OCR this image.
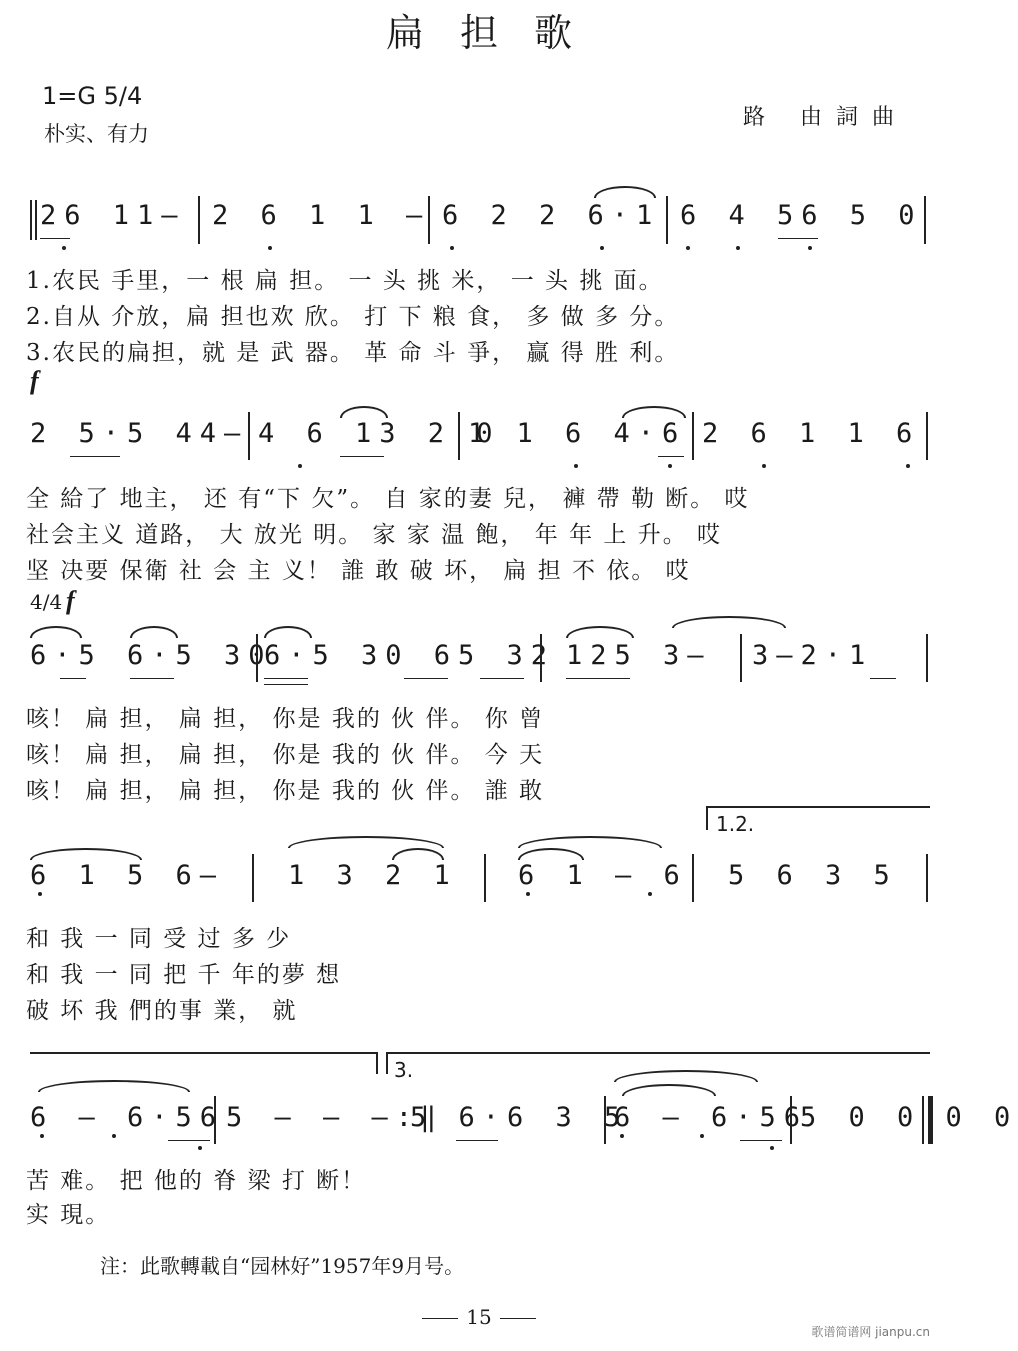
扁担歌
1=G 5/4
朴实、有力
路 由詞曲
26 11— 2 6 1 1 — 6 2 2 6·1 6 4 56 5 0
1.农民 手里，一 根 扁 担。 一 头 挑 米， 一 头 挑 面。
2.自从 介放，扁 担也欢 欣。 打 下 粮 食， 多 做 多 分。
3.农民的扁担，就 是 武 器。 革 命 斗 爭， 赢 得 胜 利。
f
2 5·5 44— 4 6 13 2 0
1 1 6 4·6 2 6 1 1 6
全 給了 地主， 还 有“下 欠”。 自 家的妻 兒， 褲 帶 勒 断。 哎
社会主义 道路， 大 放光 明。 家 家 温 飽， 年 年 上 升。 哎
坚 决要 保衛 社 会 主 义！ 誰 敢 破 坏， 扁 担 不 依。 哎
4/4 f
6·5 6·5 30
6·5 30 65 32 125 3— 3—2·1
咳！ 扁 担， 扁 担， 你是 我的 伙 伴。 你 曾
咳！ 扁 担， 扁 担， 你是 我的 伙 伴。 今 天
咳！ 扁 担， 扁 担， 你是 我的 伙 伴。 誰 敢
1.2.
6 1 5 6— 1 3 2 1 6 1 — 6 5 6 3 5
和 我 一 同 受 过 多 少
和 我 一 同 把 千 年的夢 想
破 坏 我 們的事 業， 就
3.
6 — 6·56 5 — — —:‖
5 6·6 3 5
6 — 6·56
5 0 0 0 0
苦 难。 把 他的 脊 梁 打 断！
实 現。
注：此歌轉載自“园林好”1957年9月号。
15
歌谱简谱网 jianpu.cn
